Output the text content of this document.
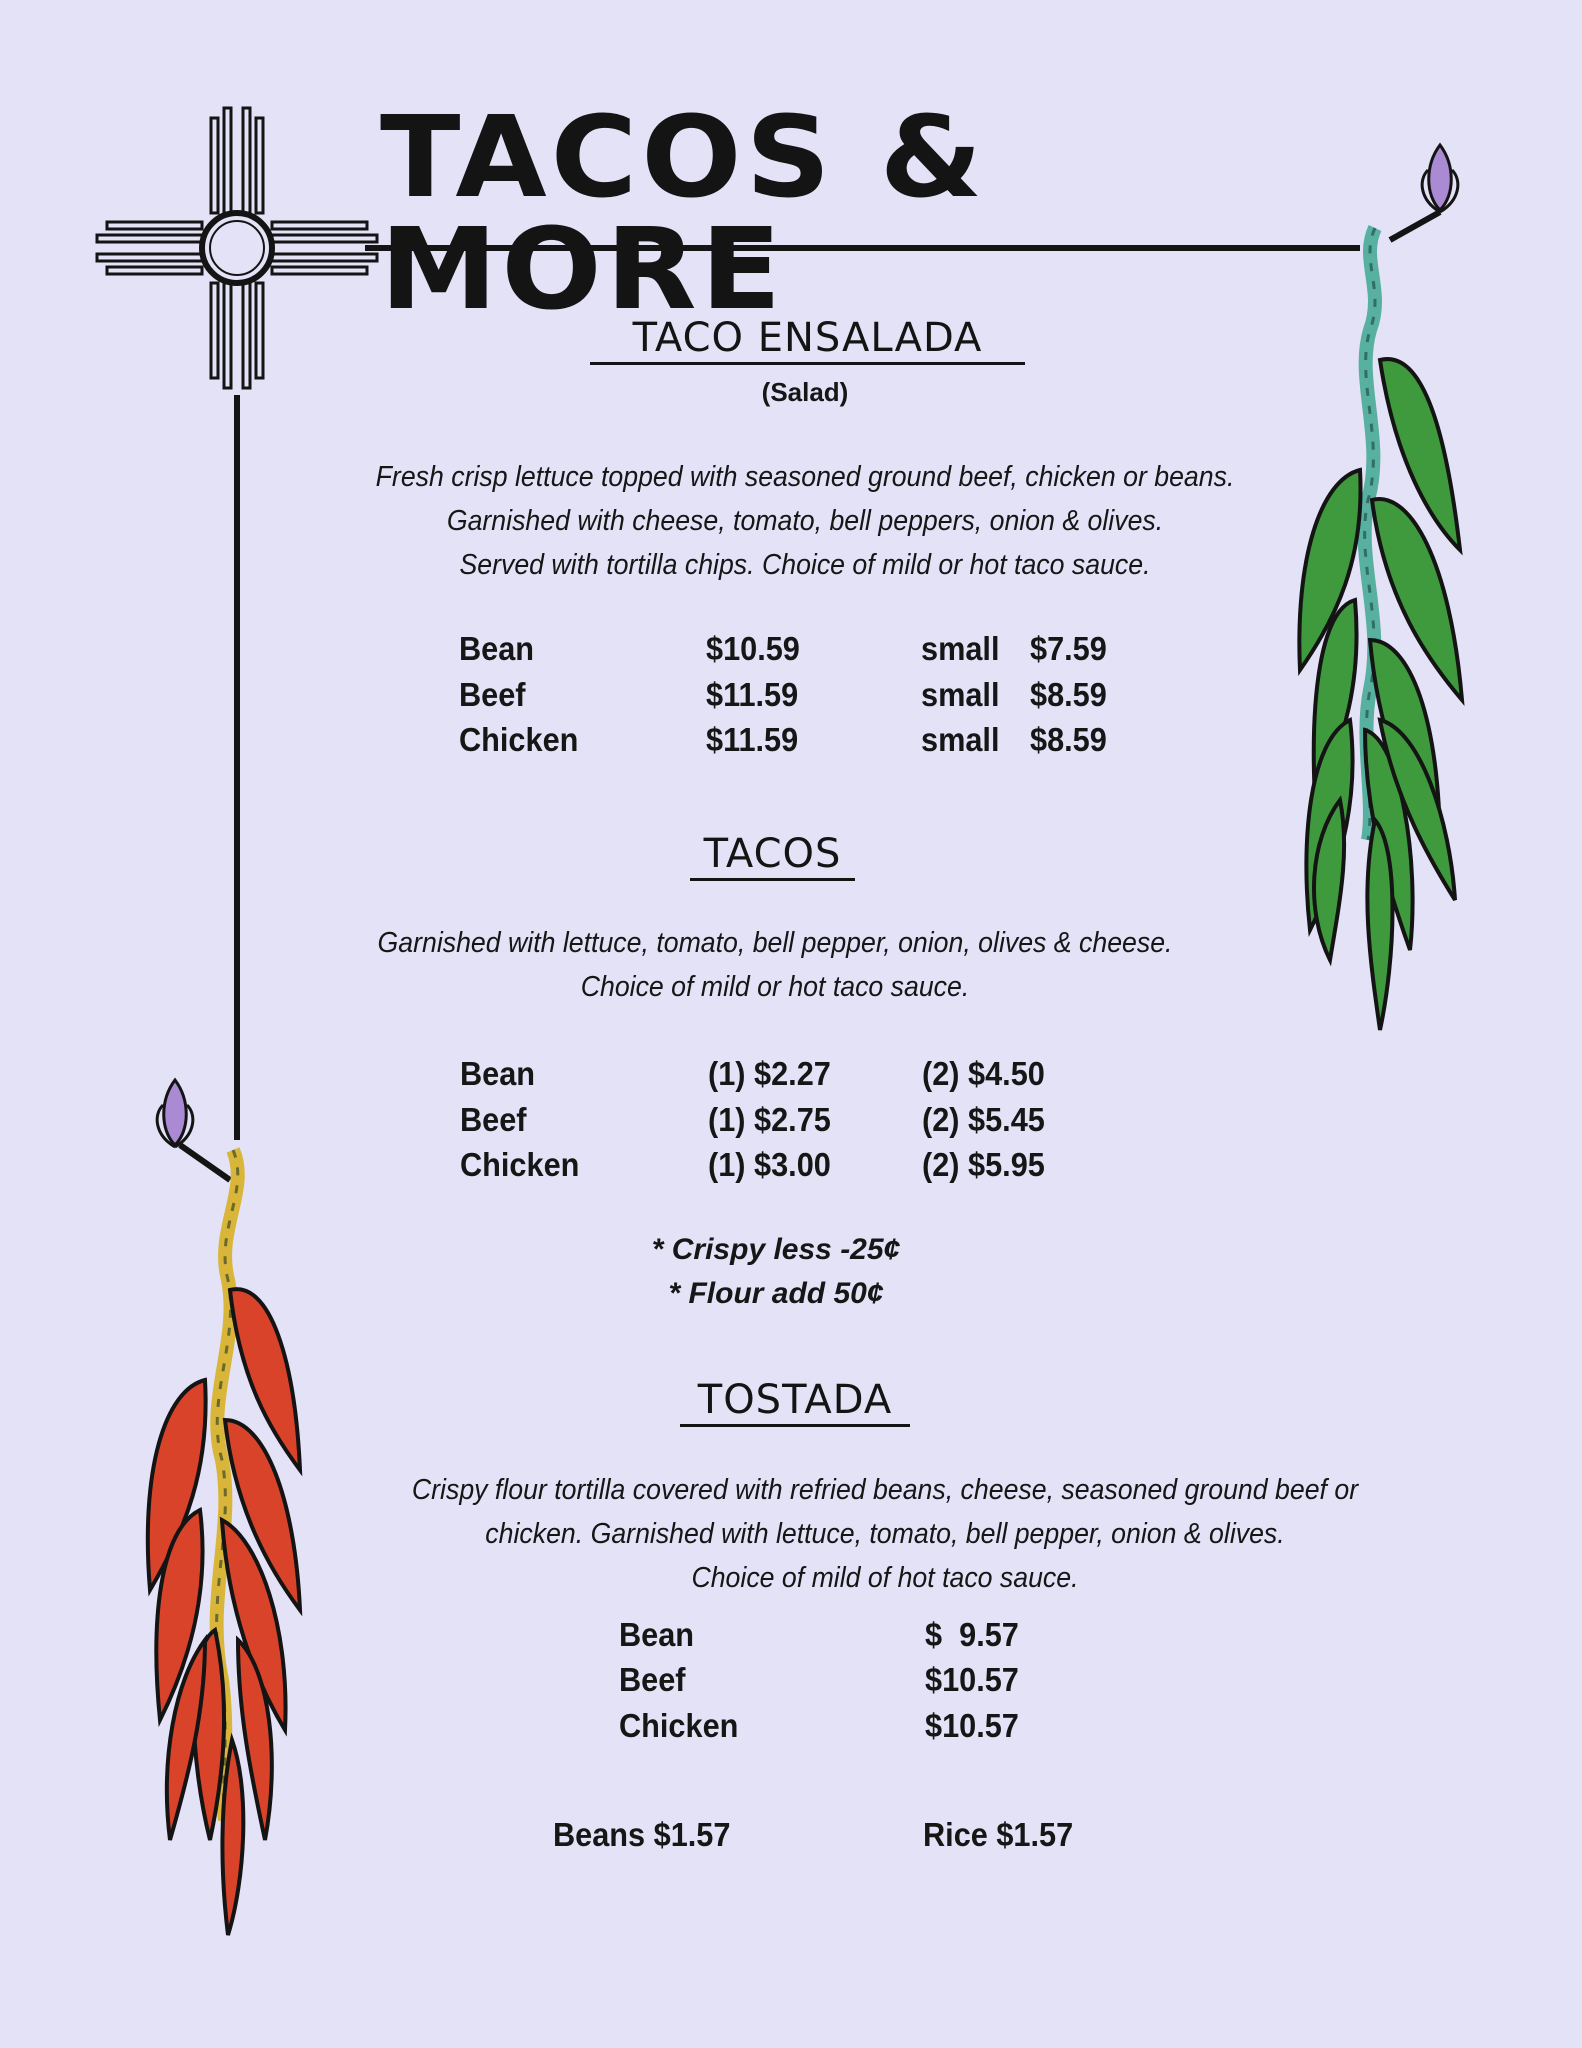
TACOS & MORE
TACO ENSALADA
(Salad)
Fresh crisp lettuce topped with seasoned ground beef, chicken or beans.
Garnished with cheese, tomato, bell peppers, onion & olives.
Served with tortilla chips. Choice of mild or hot taco sauce.
Bean	$10.59	small $7.59
Beef	$11.59	small $8.59
Chicken	$11.59	small $8.59
TACOS
Garnished with lettuce, tomato, bell pepper, onion, olives & cheese.
Choice of mild or hot taco sauce.
Bean	(1) $2.27	(2) $4.50
Beef	(1) $2.75	(2) $5.45
Chicken	(1) $3.00	(2) $5.95
* Crispy less -25¢
* Flour add 50¢
TOSTADA
Crispy flour tortilla covered with refried beans, cheese, seasoned ground beef or
chicken. Garnished with lettuce, tomato, bell pepper, onion & olives.
Choice of mild of hot taco sauce.
Bean	$  9.57
Beef	$10.57
Chicken	$10.57
Beans $1.57	Rice $1.57
